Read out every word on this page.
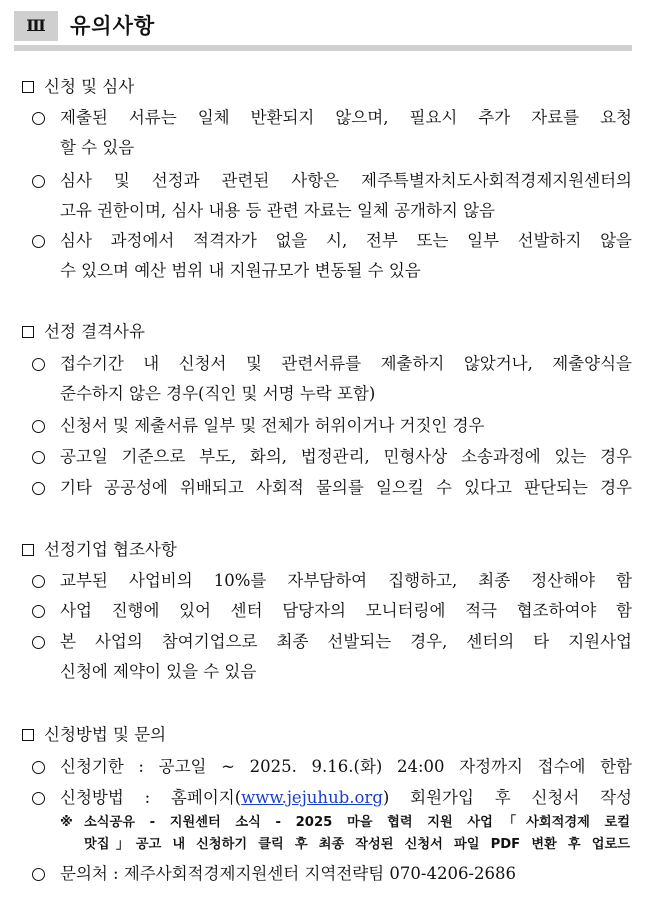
Ⅲ	유의사항
신청 및 심사
제출된 서류는 일체 반환되지 않으며, 필요시 추가 자료를 요청
할 수 있음
심사 및 선정과 관련된 사항은 제주특별자치도사회적경제지원센터의
고유 권한이며, 심사 내용 등 관련 자료는 일체 공개하지 않음
심사 과정에서 적격자가 없을 시, 전부 또는 일부 선발하지 않을
수 있으며 예산 범위 내 지원규모가 변동될 수 있음
선정 결격사유
접수기간 내 신청서 및 관련서류를 제출하지 않았거나, 제출양식을
준수하지 않은 경우(직인 및 서명 누락 포함)
신청서 및 제출서류 일부 및 전체가 허위이거나 거짓인 경우
공고일 기준으로 부도, 화의, 법정관리, 민형사상 소송과정에 있는 경우
기타 공공성에 위배되고 사회적 물의를 일으킬 수 있다고 판단되는 경우
선정기업 협조사항
교부된 사업비의 10%를 자부담하여 집행하고, 최종 정산해야 함
사업 진행에 있어 센터 담당자의 모니터링에 적극 협조하여야 함
본 사업의 참여기업으로 최종 선발되는 경우, 센터의 타 지원사업
신청에 제약이 있을 수 있음
신청방법 및 문의
신청기한 : 공고일 ~ 2025. 9.16.(화) 24:00 자정까지 접수에 한함
신청방법 : 홈페이지(www.jejuhub.org) 회원가입 후 신청서 작성
※ 소식공유 - 지원센터 소식 - 2025 마을 협력 지원 사업「사회적경제 로컬
맛집」공고 내 신청하기 클릭 후 최종 작성된 신청서 파일 PDF 변환 후 업로드
문의처 : 제주사회적경제지원센터 지역전략팀 070-4206-2686
